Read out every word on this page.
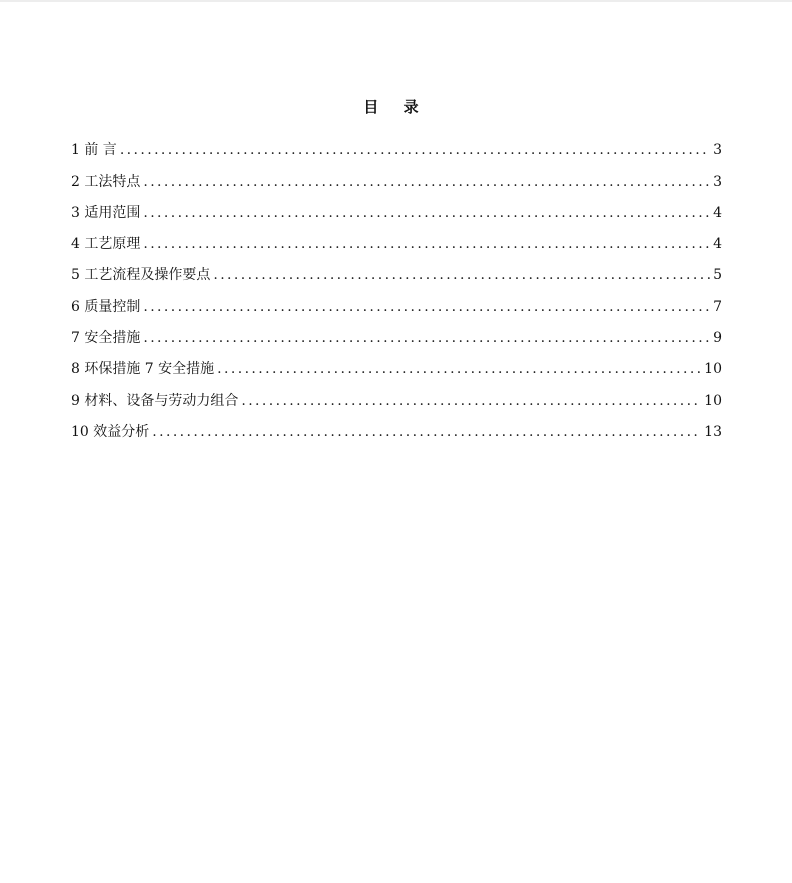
目 录
1 前 言 .....	3
2 工法特点 .....	3
3 适用范围 .....	4
4 工艺原理 .....	4
5 工艺流程及操作要点 .....	5
6 质量控制 .....	7
7 安全措施 .....	9
8 环保措施 7 安全措施 .....	10
9 材料、设备与劳动力组合 .....	10
10 效益分析 .....	13
